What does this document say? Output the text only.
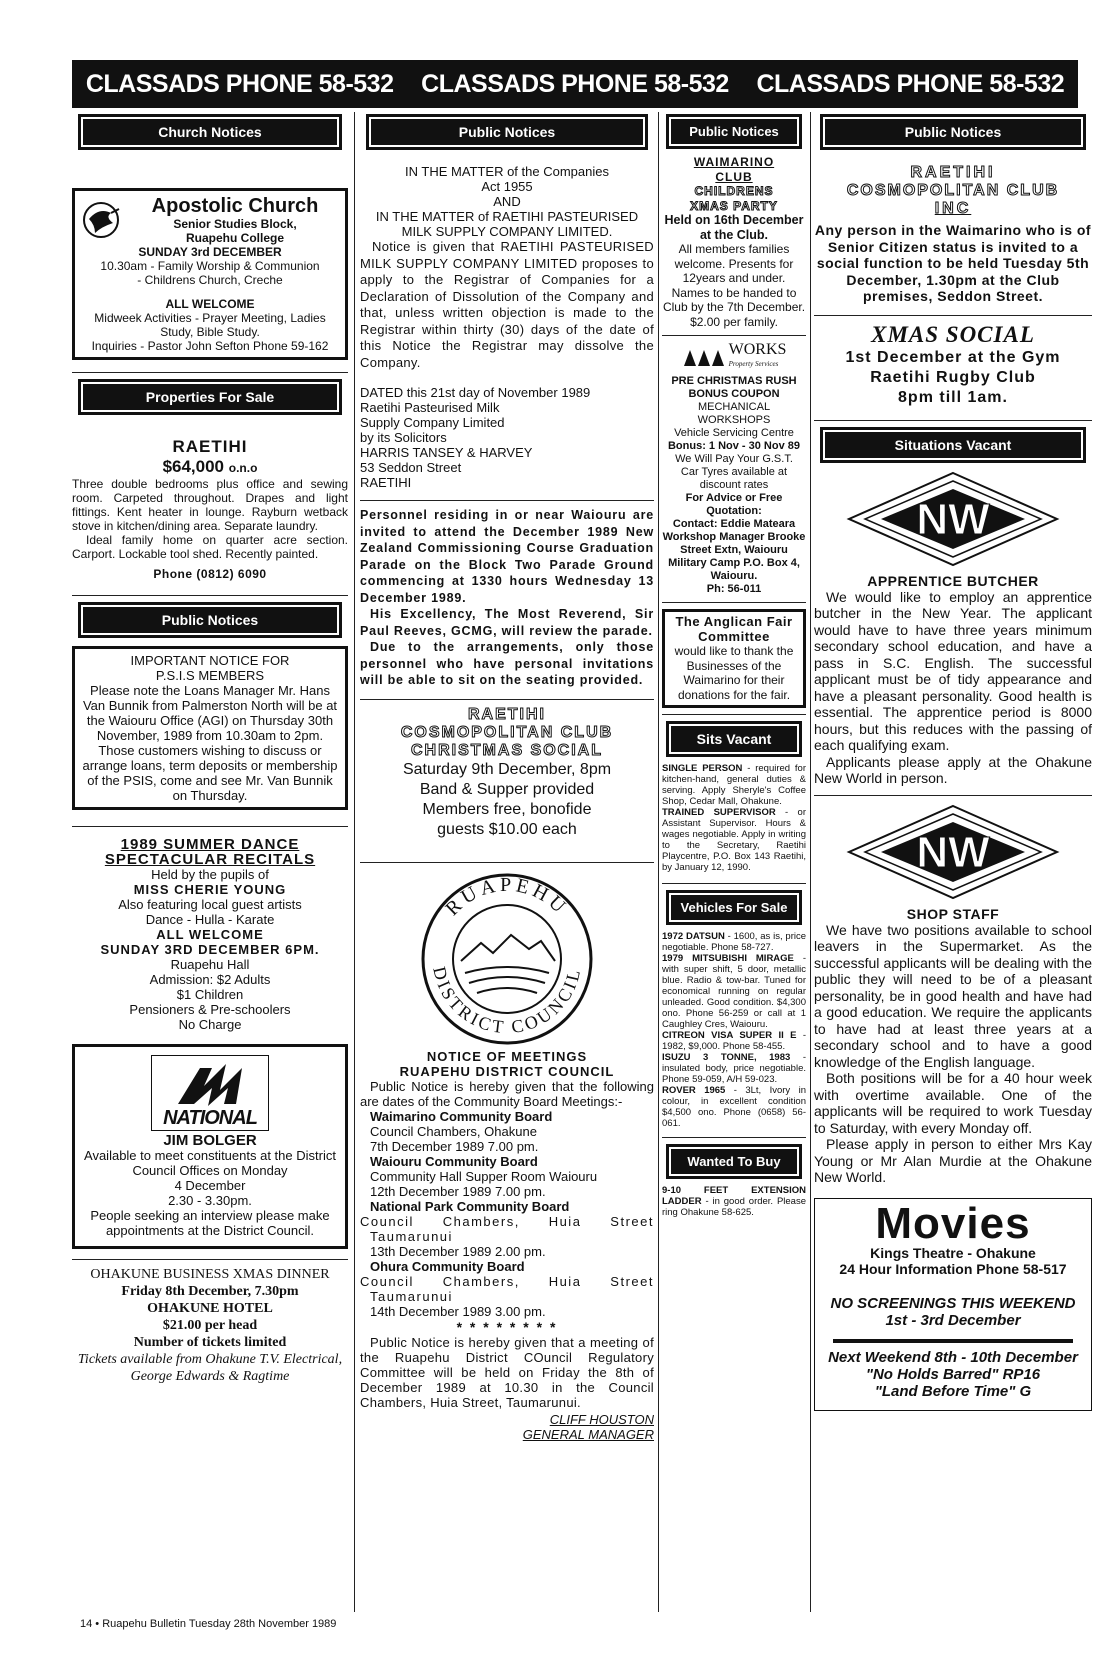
CLASSADS PHONE 58-532 CLASSADS PHONE 58-532 CLASSADS PHONE 58-532
Church Notices
Apostolic Church
Senior Studies Block,
Ruapehu College
SUNDAY 3rd DECEMBER
10.30am - Family Worship & Communion
- Childrens Church, Creche
ALL WELCOME
Midweek Activities - Prayer Meeting, Ladies Study, Bible Study.
Inquiries - Pastor John Sefton Phone 59-162
Properties For Sale
RAETIHI
$64,000 o.n.o
Three double bedrooms plus office and sewing room. Carpeted throughout. Drapes and light fittings. Kent heater in lounge. Rayburn wetback stove in kitchen/dining area. Separate laundry.
Ideal family home on quarter acre section. Carport. Lockable tool shed. Recently painted.
Phone (0812) 6090
Public Notices
IMPORTANT NOTICE FOR
P.S.I.S MEMBERS
Please note the Loans Manager Mr. Hans Van Bunnik from Palmerston North will be at the Waiouru Office (AGI) on Thursday 30th November, 1989 from 10.30am to 2pm.
Those customers wishing to discuss or arrange loans, term deposits or membership of the PSIS, come and see Mr. Van Bunnik on Thursday.
1989 SUMMER DANCE
SPECTACULAR RECITALS
Held by the pupils of
MISS CHERIE YOUNG
Also featuring local guest artists
Dance - Hulla - Karate
ALL WELCOME
SUNDAY 3RD DECEMBER 6PM.
Ruapehu Hall
Admission: $2 Adults
$1 Children
Pensioners & Pre-schoolers
No Charge
NATIONAL
JIM BOLGER
Available to meet constituents at the District Council Offices on Monday
4 December
2.30 - 3.30pm.
People seeking an interview please make appointments at the District Council.
OHAKUNE BUSINESS XMAS DINNER
Friday 8th December, 7.30pm
OHAKUNE HOTEL
$21.00 per head
Number of tickets limited
Tickets available from Ohakune T.V. Electrical, George Edwards & Ragtime
Public Notices
IN THE MATTER of the Companies
Act 1955
AND
IN THE MATTER of RAETIHI PASTEURISED
MILK SUPPLY COMPANY LIMITED.
Notice is given that RAETIHI PASTEURISED MILK SUPPLY COMPANY LIMITED proposes to apply to the Registrar of Companies for a Declaration of Dissolution of the Company and that, unless written objection is made to the Registrar within thirty (30) days of the date of this Notice the Registrar may dissolve the Company.
DATED this 21st day of November 1989
Raetihi Pasteurised Milk
Supply Company Limited
by its Solicitors
HARRIS TANSEY & HARVEY
53 Seddon Street
RAETIHI
Personnel residing in or near Waiouru are invited to attend the December 1989 New Zealand Commissioning Course Graduation Parade on the Block Two Parade Ground commencing at 1330 hours Wednesday 13 December 1989.
His Excellency, The Most Reverend, Sir Paul Reeves, GCMG, will review the parade.
Due to the arrangements, only those personnel who have personal invitations will be able to sit on the seating provided.
RAETIHI
COSMOPOLITAN CLUB
CHRISTMAS SOCIAL
Saturday 9th December, 8pm
Band & Supper provided
Members free, bonofide
guests $10.00 each
RUAPEHU
DISTRICT COUNCIL
NOTICE OF MEETINGS
RUAPEHU DISTRICT COUNCIL
Public Notice is hereby given that the following are dates of the Community Board Meetings:-
Waimarino Community Board
Council Chambers, Ohakune
7th December 1989 7.00 pm.
Waiouru Community Board
Community Hall Supper Room Waiouru
12th December 1989 7.00 pm.
National Park Community Board
Council Chambers, Huia Street Taumarunui
13th December 1989 2.00 pm.
Ohura Community Board
Council Chambers, Huia Street Taumarunui
14th December 1989 3.00 pm.
* * * * * * * *
Public Notice is hereby given that a meeting of the Ruapehu District COuncil Regulatory Committee will be held on Friday the 8th of December 1989 at 10.30 in the Council Chambers, Huia Street, Taumarunui.
CLIFF HOUSTON
GENERAL MANAGER
Public Notices
WAIMARINO
CLUB
CHILDRENS
XMAS PARTY
Held on 16th December at the Club.
All members families welcome. Presents for 12years and under. Names to be handed to Club by the 7th December. $2.00 per family.
WORKS
Property Services
PRE CHRISTMAS RUSH
BONUS COUPON
MECHANICAL WORKSHOPS
Vehicle Servicing Centre
Bonus: 1 Nov - 30 Nov 89
We Will Pay Your G.S.T.
Car Tyres available at discount rates
For Advice or Free Quotation:
Contact: Eddie Mateara Workshop Manager Brooke Street Extn, Waiouru Military Camp P.O. Box 4, Waiouru.
Ph: 56-011
The Anglican Fair Committee
would like to thank the Businesses of the Waimarino for their donations for the fair.
Sits Vacant
SINGLE PERSON - required for kitchen-hand, general duties & serving. Apply Sheryle's Coffee Shop, Cedar Mall, Ohakune.
TRAINED SUPERVISOR - or Assistant Supervisor. Hours & wages negotiable. Apply in writing to the Secretary, Raetihi Playcentre, P.O. Box 143 Raetihi, by January 12, 1990.
Vehicles For Sale
1972 DATSUN - 1600, as is, price negotiable. Phone 58-727.
1979 MITSUBISHI MIRAGE - with super shift, 5 door, metallic blue. Radio & tow-bar. Tuned for economical running on regular unleaded. Good condition. $4,300 ono. Phone 56-259 or call at 1 Caughley Cres, Waiouru.
CITREON VISA SUPER II E - 1982, $9,000. Phone 58-455.
ISUZU 3 TONNE, 1983 - insulated body, price negotiable. Phone 59-059, A/H 59-023.
ROVER 1965 - 3Lt, Ivory in colour, in excellent condition $4,500 ono. Phone (0658) 56-061.
Wanted To Buy
9-10 FEET EXTENSION LADDER - in good order. Please ring Ohakune 58-625.
Public Notices
RAETIHI
COSMOPOLITAN CLUB
INC
Any person in the Waimarino who is of Senior Citizen status is invited to a social function to be held Tuesday 5th December, 1.30pm at the Club premises, Seddon Street.
XMAS SOCIAL
1st December at the Gym
Raetihi Rugby Club
8pm till 1am.
Situations Vacant
NW
APPRENTICE BUTCHER
We would like to employ an apprentice butcher in the New Year. The applicant would have to have three years minimum secondary school education, and have a pass in S.C. English. The successful applicant must be of tidy appearance and have a pleasant personality. Good health is essential. The apprentice period is 8000 hours, but this reduces with the passing of each qualifying exam.
Applicants please apply at the Ohakune New World in person.
NW
SHOP STAFF
We have two positions available to school leavers in the Supermarket. As the successful applicants will be dealing with the public they will need to be of a pleasant personality, be in good health and have had a good education. We require the applicants to have had at least three years at a secondary school and to have a good knowledge of the English language.
Both positions will be for a 40 hour week with overtime available. One of the applicants will be required to work Tuesday to Saturday, with every Monday off.
Please apply in person to either Mrs Kay Young or Mr Alan Murdie at the Ohakune New World.
Movies
Kings Theatre - Ohakune
24 Hour Information Phone 58-517
NO SCREENINGS THIS WEEKEND
1st - 3rd December
Next Weekend 8th - 10th December
"No Holds Barred" RP16
"Land Before Time" G
14 • Ruapehu Bulletin Tuesday 28th November 1989
